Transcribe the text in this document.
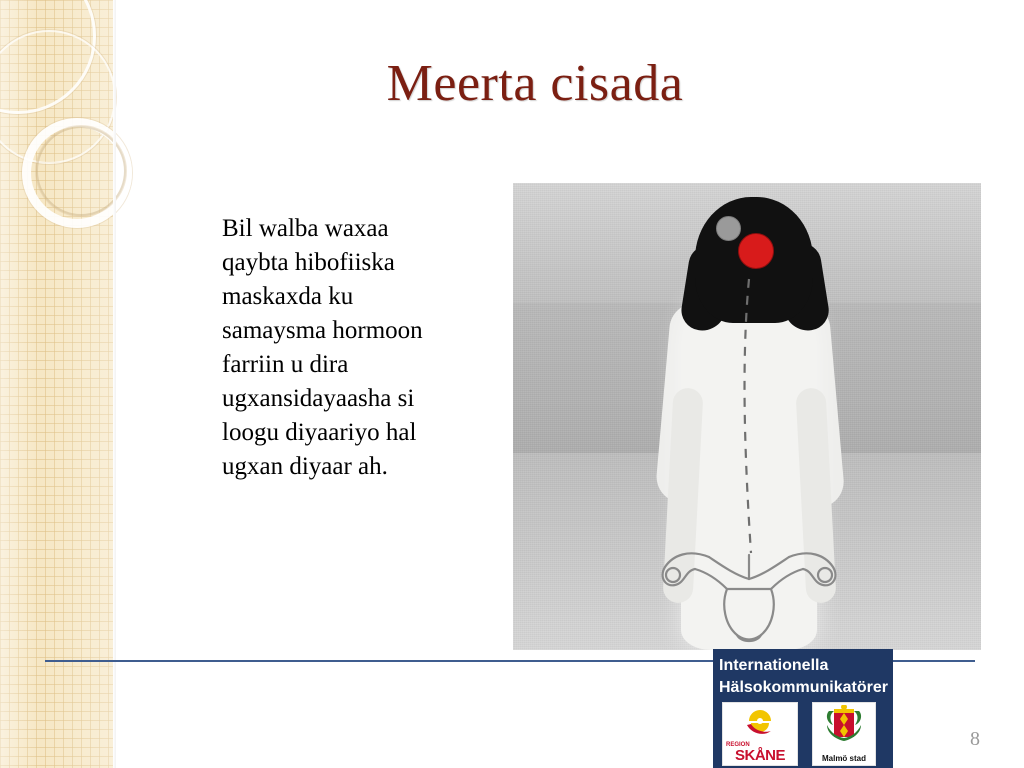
Meerta cisada
Bil walba waxaa qaybta hibofiiska maskaxda ku samaysma hormoon farriin u dira ugxansidayaasha si loogu diyaariyo hal ugxan diyaar ah.
Internationella
Hälsokommunikatörer
REGION
SKÅNE	Malmö stad
8
